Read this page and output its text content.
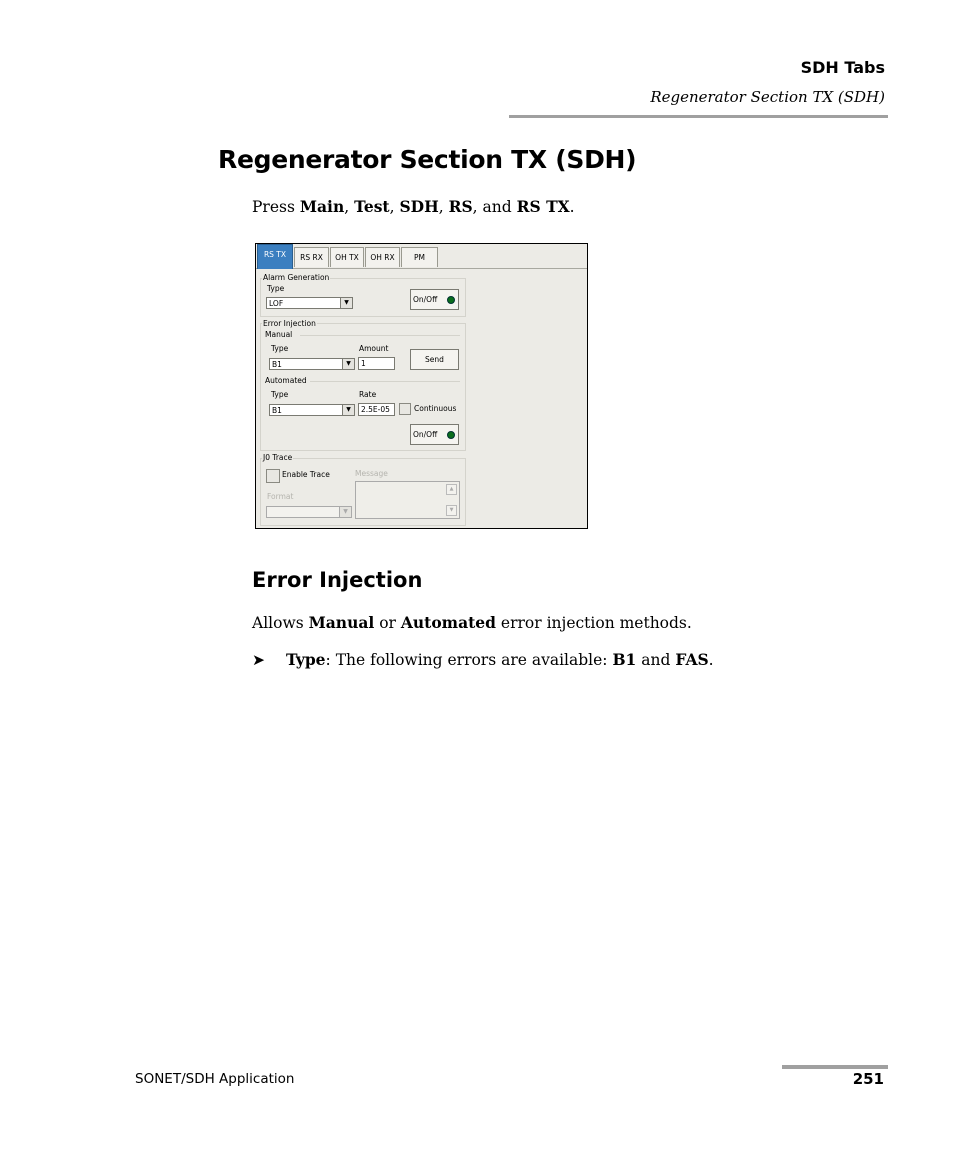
SDH Tabs
Regenerator Section TX (SDH)
Regenerator Section TX (SDH)
Press Main, Test, SDH, RS, and RS TX.
RS TX	RS RX	OH TX	OH RX	PM
Alarm Generation
Type
LOF	▼	On/Off
Error Injection
Manual
Type
B1	▼
Amount
1	Send
Automated
Type
B1	▼
Rate
2.5E-05	Continuous
On/Off
J0 Trace
Enable Trace	Message
▲
▼
Format
▼
Error Injection
Allows Manual or Automated error injection methods.
➤ Type: The following errors are available: B1 and FAS.
SONET/SDH Application	251
